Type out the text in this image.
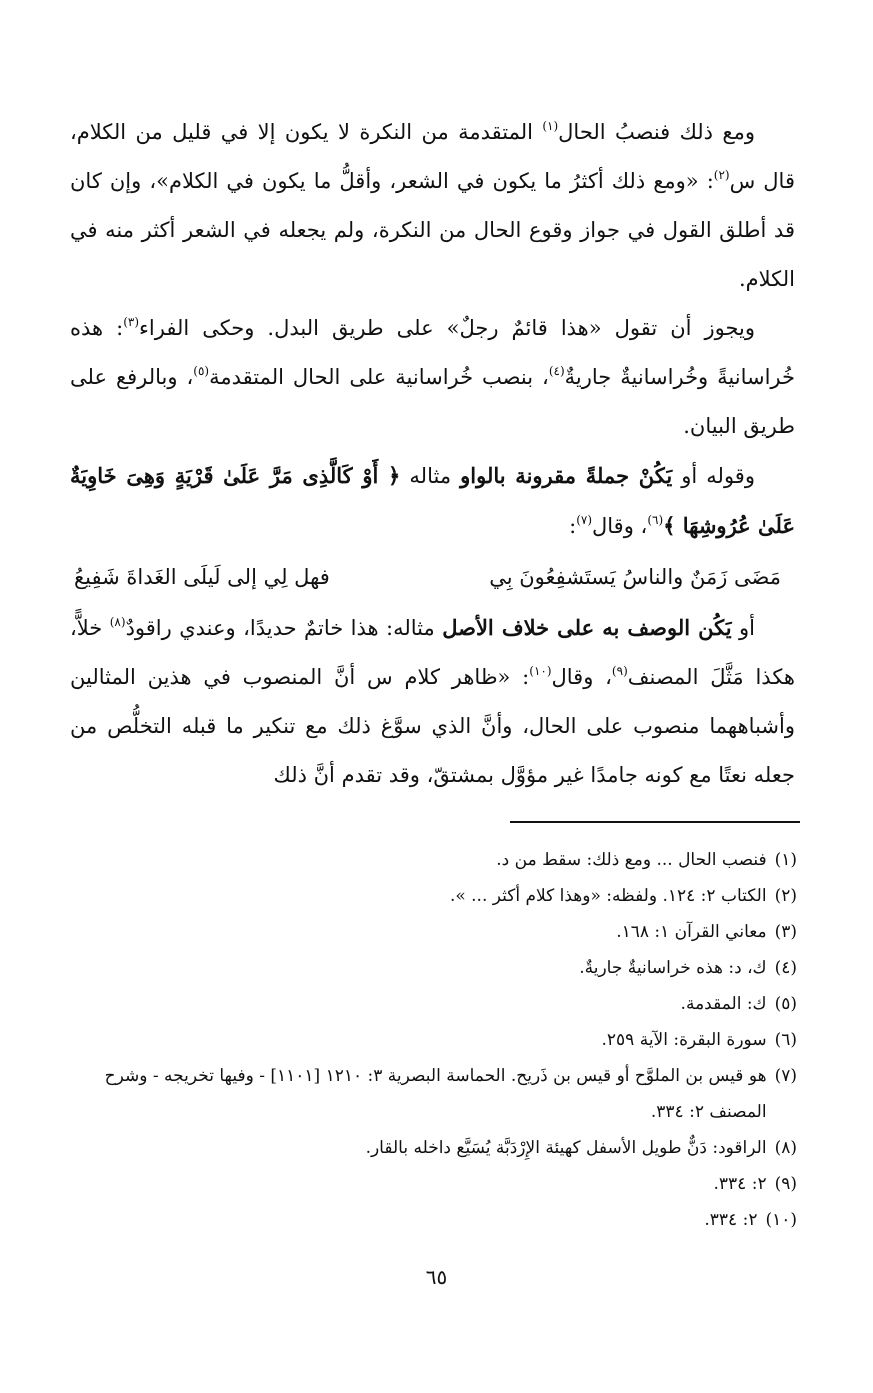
ومع ذلك فنصبُ الحال$^{(١)}$ المتقدمة من النكرة لا يكون إلا في قليل من الكلام، قال س$^{(٢)}$: «ومع ذلك أكثرُ ما يكون في الشعر، وأقلُّ ما يكون في الكلام»، وإن كان قد أطلق القول في جواز وقوع الحال من النكرة، ولم يجعله في الشعر أكثر منه في الكلام.

ويجوز أن تقول «هذا قائمٌ رجلٌ» على طريق البدل. وحكى الفراء$^{(٣)}$: هذه خُراسانيةً وخُراسانيةٌ جاريةٌ$^{(٤)}$، بنصب خُراسانية على الحال المتقدمة$^{(٥)}$، وبالرفع على طريق البيان.

وقوله أو يَكُنْ جملةً مقرونة بالواو مثاله ﴿ أَوْ كَالَّذِى مَرَّ عَلَىٰ قَرْيَةٍ وَهِىَ خَاوِيَةٌ عَلَىٰ عُرُوشِهَا ﴾$^{(٦)}$، وقال$^{(٧)}$:

مَضَى زَمَنٌ والناسُ يَستَشفِعُونَ بِي
فهل لِي إلى لَيلَى الغَداةَ شَفِيعُ

أو يَكُن الوصف به على خلاف الأصل مثاله: هذا خاتمٌ حديدًا، وعندي راقودٌ$^{(٨)}$ خلاًّ، هكذا مَثَّلَ المصنف$^{(٩)}$، وقال$^{(١٠)}$: «ظاهر كلام س أنَّ المنصوب في هذين المثالين وأشباههما منصوب على الحال، وأنَّ الذي سوَّغ ذلك مع تنكير ما قبله التخلُّص من جعله نعتًا مع كونه جامدًا غير مؤوَّل بمشتقّ، وقد تقدم أنَّ ذلك

(١)
فنصب الحال ... ومع ذلك: سقط من د.
(٢)
الكتاب ٢: ١٢٤. ولفظه: «وهذا كلام أكثر ... ».
(٣)
معاني القرآن ١: ١٦٨.
(٤)
ك، د: هذه خراسانيةٌ جاريةٌ.
(٥)
ك: المقدمة.
(٦)
سورة البقرة: الآية ٢٥٩.
(٧)
هو قيس بن الملوَّح أو قيس بن ذَريح. الحماسة البصرية ٣: ١٢١٠ [١١٠١] - وفيها تخريجه - وشرح المصنف ٢: ٣٣٤.
(٨)
الراقود: دَنٌّ طويل الأسفل كهيئة الإِرْدَبَّة يُسَيَّع داخله بالقار.
(٩)
٢: ٣٣٤.
(١٠)
٢: ٣٣٤.
٦٥
